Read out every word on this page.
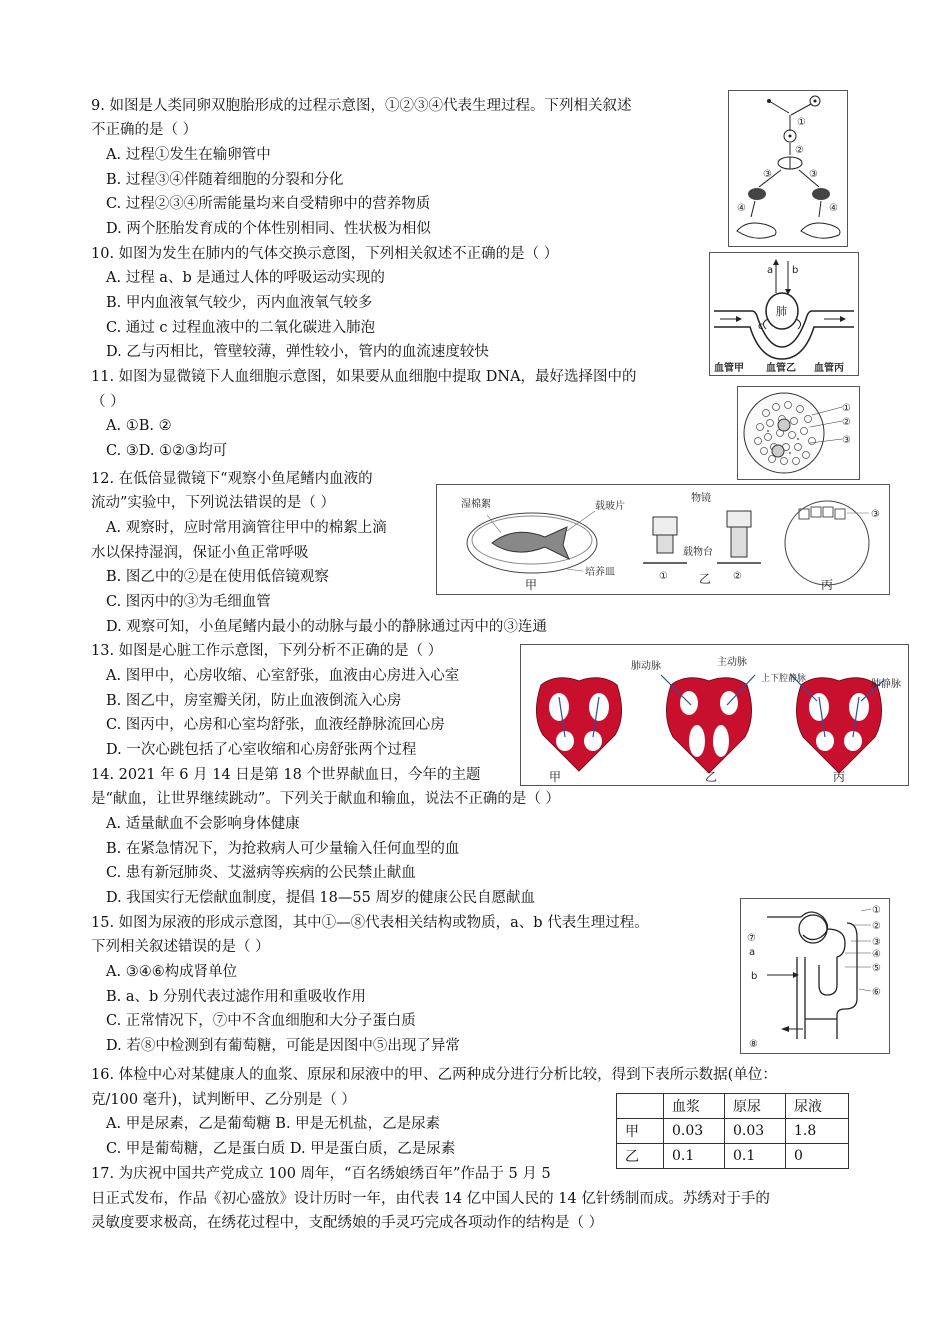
9. 如图是人类同卵双胞胎形成的过程示意图，①②③④代表生理过程。下列相关叙述
不正确的是（ ）
A. 过程①发生在输卵管中
B. 过程③④伴随着细胞的分裂和分化
C. 过程②③④所需能量均来自受精卵中的营养物质
D. 两个胚胎发育成的个体性别相同、性状极为相似
①
②
③	③
④	④
10. 如图为发生在肺内的气体交换示意图，下列相关叙述不正确的是（ ）
A. 过程 a、b 是通过人体的呼吸运动实现的
B. 甲内血液氧气较少，丙内血液氧气较多
C. 通过 c 过程血液中的二氧化碳进入肺泡
D. 乙与丙相比，管壁较薄，弹性较小，管内的血流速度较快
a b
c
肺
血管甲 血管乙 血管丙
11. 如图为显微镜下人血细胞示意图，如果要从血细胞中提取 DNA，最好选择图中的
（ ）
A. ①B. ②
C. ③D. ①②③均可
①
②
③
12. 在低倍显微镜下“观察小鱼尾鳍内血液的
流动”实验中，下列说法错误的是（ ）
A. 观察时，应时常用滴管往甲中的棉絮上滴
水以保持湿润，保证小鱼正常呼吸
B. 图乙中的②是在使用低倍镜观察
C. 图丙中的③为毛细血管
D. 观察可知，小鱼尾鳍内最小的动脉与最小的静脉通过丙中的③连通
湿棉絮	载玻片
培养皿
甲
物镜
载物台
①	乙 ②
③
丙
13. 如图是心脏工作示意图，下列分析不正确的是（ ）
A. 图甲中，心房收缩、心室舒张，血液由心房进入心室
B. 图乙中，房室瓣关闭，防止血液倒流入心房
C. 图丙中，心房和心室均舒张，血液经静脉流回心房
D. 一次心跳包括了心室收缩和心房舒张两个过程
肺动脉	主动脉
上下腔静脉	肺静脉
甲	乙	丙
14. 2021 年 6 月 14 日是第 18 个世界献血日，今年的主题
是“献血，让世界继续跳动”。下列关于献血和输血，说法不正确的是（ ）
A. 适量献血不会影响身体健康
B. 在紧急情况下，为抢救病人可少量输入任何血型的血
C. 患有新冠肺炎、艾滋病等疾病的公民禁止献血
D. 我国实行无偿献血制度，提倡 18—55 周岁的健康公民自愿献血
15. 如图为尿液的形成示意图，其中①—⑧代表相关结构或物质，a、b 代表生理过程。
下列相关叙述错误的是（ ）
A. ③④⑥构成肾单位
B. a、b 分别代表过滤作用和重吸收作用
C. 正常情况下，⑦中不含血细胞和大分子蛋白质
D. 若⑧中检测到有葡萄糖，可能是因图中⑤出现了异常
①
②
③
④
⑤
⑥
⑦
a
b
⑧
16. 体检中心对某健康人的血浆、原尿和尿液中的甲、乙两种成分进行分析比较，得到下表所示数据(单位：
克/100 毫升)，试判断甲、乙分别是（ ）
A. 甲是尿素，乙是葡萄糖 B. 甲是无机盐，乙是尿素
C. 甲是葡萄糖，乙是蛋白质 D. 甲是蛋白质，乙是尿素
	血浆	原尿	尿液
甲	0.03	0.03	1.8
乙	0.1	0.1	0
17. 为庆祝中国共产党成立 100 周年，“百名绣娘绣百年”作品于 5 月 5
日正式发布，作品《初心盛放》设计历时一年，由代表 14 亿中国人民的 14 亿针绣制而成。苏绣对于手的
灵敏度要求极高，在绣花过程中，支配绣娘的手灵巧完成各项动作的结构是（ ）
